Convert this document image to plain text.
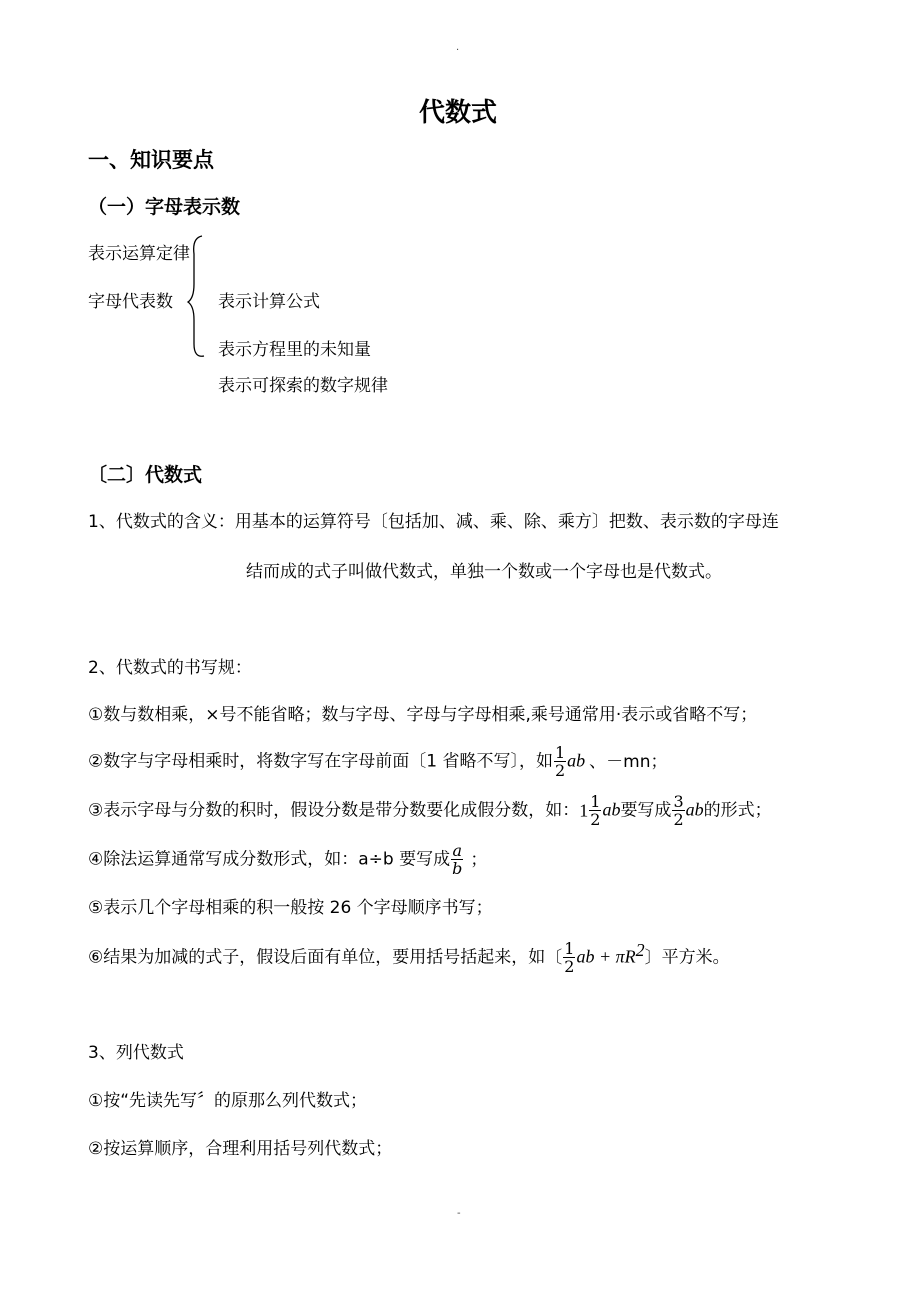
.
代数式
一、知识要点
（一）字母表示数
表示运算定律
字母代表数	表示计算公式
表示方程里的未知量
表示可探索的数字规律
〔二〕代数式
1、代数式的含义：用基本的运算符号〔包括加、减、乘、除、乘方〕把数、表示数的字母连
结而成的式子叫做代数式，单独一个数或一个字母也是代数式。
2、代数式的书写规：
①数与数相乘，×号不能省略；数与字母、字母与字母相乘,乘号通常用·表示或省略不写；
②数字与字母相乘时，将数字写在字母前面〔1 省略不写〕，如 $\frac{1}{2}$ ab 、－mn；
③表示字母与分数的积时，假设分数是带分数要化成假分数，如：$1 \frac{1}{2}$ ab要写成 $\frac{3}{2}$ ab的形式；
④除法运算通常写成分数形式，如：a÷b 要写成 $\frac{a}{b}$ ；
⑤表示几个字母相乘的积一般按 26 个字母顺序书写；
⑥结果为加减的式子，假设后面有单位，要用括号括起来，如〔 $\frac{1}{2}$ ab + $\pi R^2$〕平方米。
3、列代数式
①按“先读先写〞的原那么列代数式；
②按运算顺序，合理利用括号列代数式；
-
